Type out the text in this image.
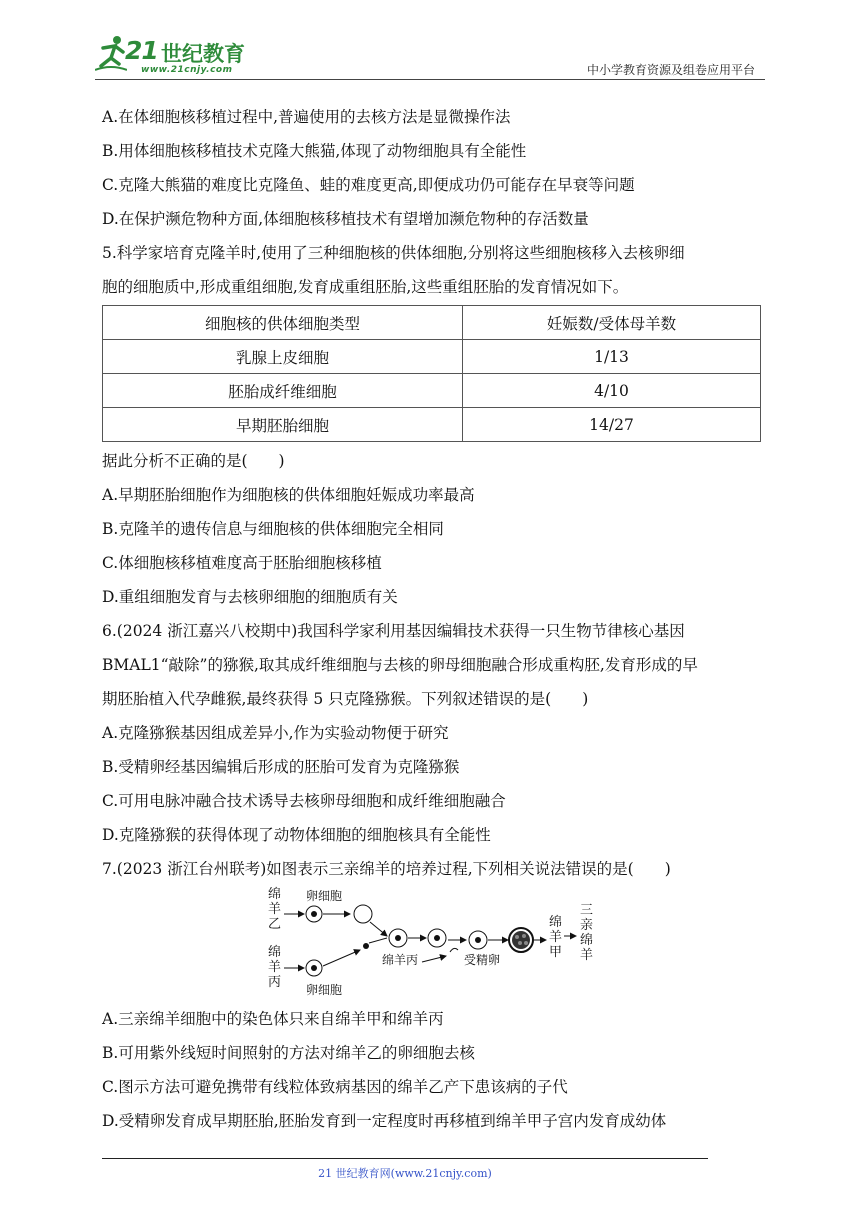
21 世纪教育
www.21cnjy.com	中小学教育资源及组卷应用平台
A.在体细胞核移植过程中,普遍使用的去核方法是显微操作法
B.用体细胞核移植技术克隆大熊猫,体现了动物细胞具有全能性
C.克隆大熊猫的难度比克隆鱼、蛙的难度更高,即便成功仍可能存在早衰等问题
D.在保护濒危物种方面,体细胞核移植技术有望增加濒危物种的存活数量
5.科学家培育克隆羊时,使用了三种细胞核的供体细胞,分别将这些细胞核移入去核卵细
胞的细胞质中,形成重组细胞,发育成重组胚胎,这些重组胚胎的发育情况如下。
细胞核的供体细胞类型	妊娠数/受体母羊数
乳腺上皮细胞	1/13
胚胎成纤维细胞	4/10
早期胚胎细胞	14/27
据此分析不正确的是(　　)
A.早期胚胎细胞作为细胞核的供体细胞妊娠成功率最高
B.克隆羊的遗传信息与细胞核的供体细胞完全相同
C.体细胞核移植难度高于胚胎细胞核移植
D.重组细胞发育与去核卵细胞的细胞质有关
6.(2024 浙江嘉兴八校期中)我国科学家利用基因编辑技术获得一只生物节律核心基因
BMAL1“敲除”的猕猴,取其成纤维细胞与去核的卵母细胞融合形成重构胚,发育形成的早
期胚胎植入代孕雌猴,最终获得 5 只克隆猕猴。下列叙述错误的是(　　)
A.克隆猕猴基因组成差异小,作为实验动物便于研究
B.受精卵经基因编辑后形成的胚胎可发育为克隆猕猴
C.可用电脉冲融合技术诱导去核卵母细胞和成纤维细胞融合
D.克隆猕猴的获得体现了动物体细胞的细胞核具有全能性
7.(2023 浙江台州联考)如图表示三亲绵羊的培养过程,下列相关说法错误的是(　　)
绵
羊
乙
绵
羊
丙
卵细胞
卵细胞
绵羊丙	受精卵
绵
羊
甲
三
亲
绵
羊
A.三亲绵羊细胞中的染色体只来自绵羊甲和绵羊丙
B.可用紫外线短时间照射的方法对绵羊乙的卵细胞去核
C.图示方法可避免携带有线粒体致病基因的绵羊乙产下患该病的子代
D.受精卵发育成早期胚胎,胚胎发育到一定程度时再移植到绵羊甲子宫内发育成幼体
21 世纪教育网(www.21cnjy.com)
